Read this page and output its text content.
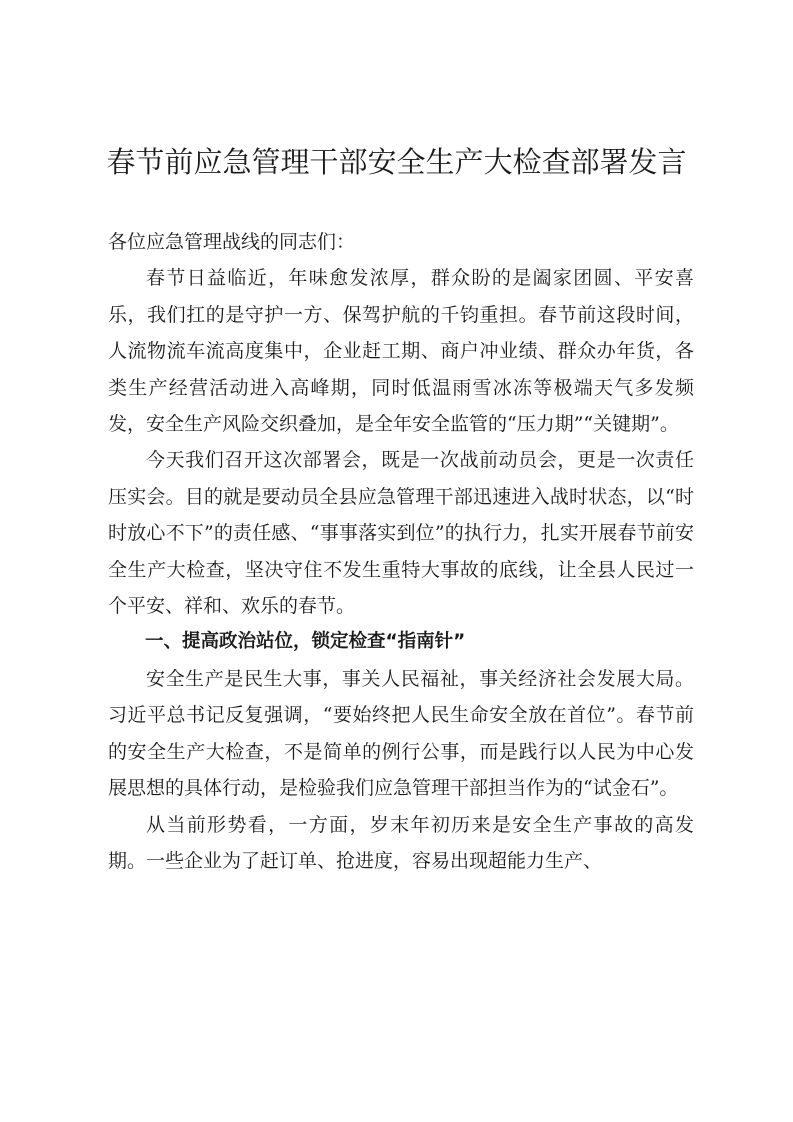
春节前应急管理干部安全生产大检查部署发言

各位应急管理战线的同志们：

春节日益临近，年味愈发浓厚，群众盼的是阖家团圆、平安喜乐，我们扛的是守护一方、保驾护航的千钧重担。春节前这段时间，人流物流车流高度集中，企业赶工期、商户冲业绩、群众办年货，各类生产经营活动进入高峰期，同时低温雨雪冰冻等极端天气多发频发，安全生产风险交织叠加，是全年安全监管的“压力期”“关键期”。

今天我们召开这次部署会，既是一次战前动员会，更是一次责任压实会。目的就是要动员全县应急管理干部迅速进入战时状态，以“时时放心不下”的责任感、“事事落实到位”的执行力，扎实开展春节前安全生产大检查，坚决守住不发生重特大事故的底线，让全县人民过一个平安、祥和、欢乐的春节。

一、提高政治站位，锁定检查“指南针”

安全生产是民生大事，事关人民福祉，事关经济社会发展大局。习近平总书记反复强调，“要始终把人民生命安全放在首位”。春节前的安全生产大检查，不是简单的例行公事，而是践行以人民为中心发展思想的具体行动，是检验我们应急管理干部担当作为的“试金石”。

从当前形势看，一方面，岁末年初历来是安全生产事故的高发期。一些企业为了赶订单、抢进度，容易出现超能力生产、
